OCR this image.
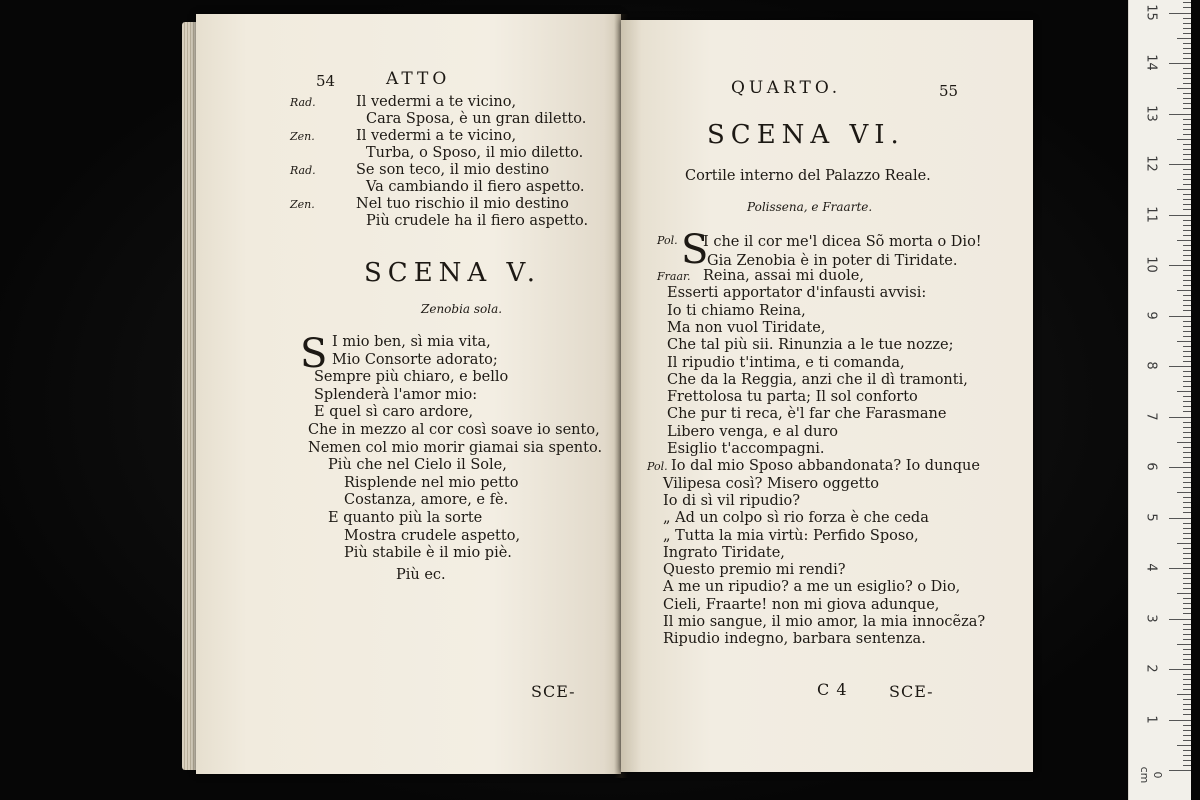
54	ATTO
Rad.	Il vedermi a te vicino,
Cara Sposa, è un gran diletto.
Zen.	Il vedermi a te vicino,
Turba, o Sposo, il mio diletto.
Rad.	Se son teco, il mio destino
Va cambiando il fiero aspetto.
Zen.	Nel tuo rischio il mio destino
Più crudele ha il fiero aspetto.
SCENA V.
Zenobia sola.
S I mio ben, sì mia vita,
Mio Consorte adorato;
Sempre più chiaro, e bello
Splenderà l'amor mio:
E quel sì caro ardore,
Che in mezzo al cor così soave io sento,
Nemen col mio morir giamai sia spento.
Più che nel Cielo il Sole,
Risplende nel mio petto
Costanza, amore, e fè.
E quanto più la sorte
Mostra crudele aspetto,
Più stabile è il mio piè.
Più ec.
SCE-
QUARTO.	55
SCENA VI.
Cortile interno del Palazzo Reale.
Polissena, e Fraarte.
Pol. S
I che il cor me'l dicea Sõ morta o Dio!
Gia Zenobia è in poter di Tiridate.
Fraar. Reina, assai mi duole,
Esserti apportator d'infausti avvisi:
Io ti chiamo Reina,
Ma non vuol Tiridate,
Che tal più sii. Rinunzia a le tue nozze;
Il ripudio t'intima, e ti comanda,
Che da la Reggia, anzi che il dì tramonti,
Frettolosa tu parta; Il sol conforto
Che pur ti reca, è'l far che Farasmane
Libero venga, e al duro
Esiglio t'accompagni.
Pol. Io dal mio Sposo abbandonata? Io dunque
Vilipesa così? Misero oggetto
Io di sì vil ripudio?
„ Ad un colpo sì rio forza è che ceda
„ Tutta la mia virtù: Perfido Sposo,
Ingrato Tiridate,
Questo premio mi rendi?
A me un ripudio? a me un esiglio? o Dio,
Cieli, Fraarte! non mi giova adunque,
Il mio sangue, il mio amor, la mia innocẽza?
Ripudio indegno, barbara sentenza.
C 4	SCE-
1
2
3
4
5
6
7
8
9
10
11
12
13
14
15
0 cm
